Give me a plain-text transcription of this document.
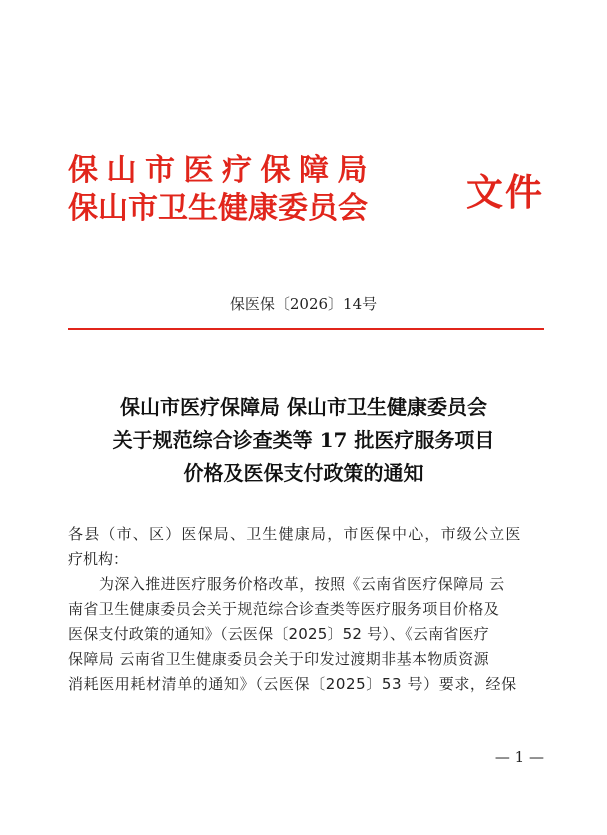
保山市医疗保障局
保山市卫生健康委员会	文件
保医保〔2026〕14号
保山市医疗保障局 保山市卫生健康委员会
关于规范综合诊查类等 17 批医疗服务项目
价格及医保支付政策的通知
各县（市、区）医保局、卫生健康局，市医保中心，市级公立医
疗机构：
为深入推进医疗服务价格改革，按照《云南省医疗保障局 云
南省卫生健康委员会关于规范综合诊查类等医疗服务项目价格及
医保支付政策的通知》（云医保〔2025〕52 号）、《云南省医疗
保障局 云南省卫生健康委员会关于印发过渡期非基本物质资源
消耗医用耗材清单的通知》（云医保〔2025〕53 号）要求，经保
— 1 —
